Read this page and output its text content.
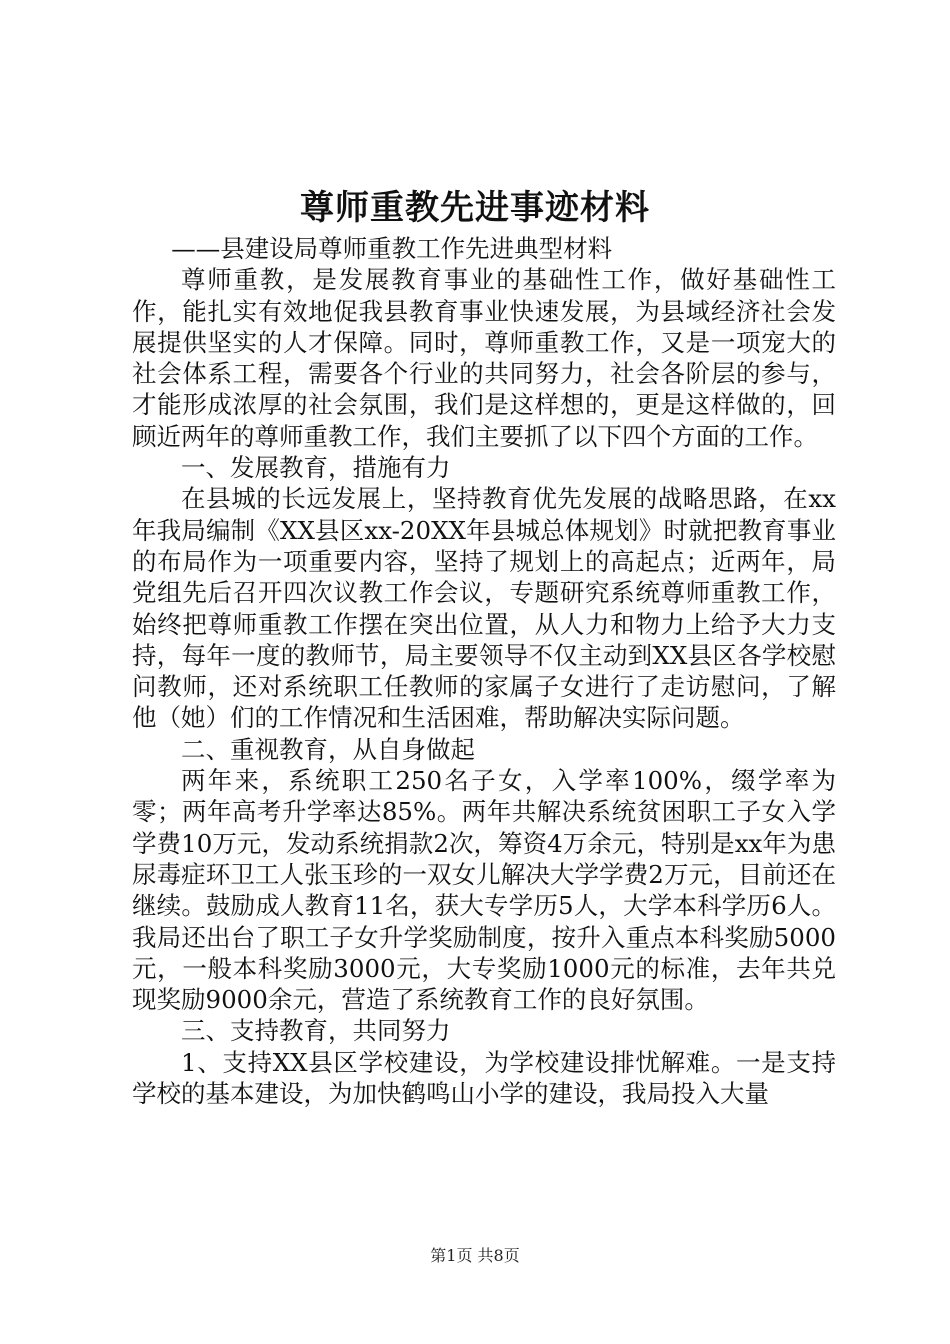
尊师重教先进事迹材料

——县建设局尊师重教工作先进典型材料

尊师重教，是发展教育事业的基础性工作，做好基础性工作，能扎实有效地促我县教育事业快速发展，为县域经济社会发展提供坚实的人才保障。同时，尊师重教工作，又是一项宠大的社会体系工程，需要各个行业的共同努力，社会各阶层的参与，才能形成浓厚的社会氛围，我们是这样想的，更是这样做的，回顾近两年的尊师重教工作，我们主要抓了以下四个方面的工作。

一、发展教育，措施有力

在县城的长远发展上，坚持教育优先发展的战略思路，在xx年我局编制《XX县区xx-20XX年县城总体规划》时就把教育事业的布局作为一项重要内容，坚持了规划上的高起点；近两年，局党组先后召开四次议教工作会议，专题研究系统尊师重教工作，始终把尊师重教工作摆在突出位置，从人力和物力上给予大力支持，每年一度的教师节，局主要领导不仅主动到XX县区各学校慰问教师，还对系统职工任教师的家属子女进行了走访慰问，了解他（她）们的工作情况和生活困难，帮助解决实际问题。

二、重视教育，从自身做起

两年来，系统职工250名子女，入学率100%，缀学率为零；两年高考升学率达85%。两年共解决系统贫困职工子女入学学费10万元，发动系统捐款2次，筹资4万余元，特别是xx年为患尿毒症环卫工人张玉珍的一双女儿解决大学学费2万元，目前还在继续。鼓励成人教育11名，获大专学历5人，大学本科学历6人。我局还出台了职工子女升学奖励制度，按升入重点本科奖励5000元，一般本科奖励3000元，大专奖励1000元的标准，去年共兑现奖励9000余元，营造了系统教育工作的良好氛围。

三、支持教育，共同努力

1、支持XX县区学校建设，为学校建设排忧解难。一是支持学校的基本建设，为加快鹤鸣山小学的建设，我局投入大量

第1页 共8页
